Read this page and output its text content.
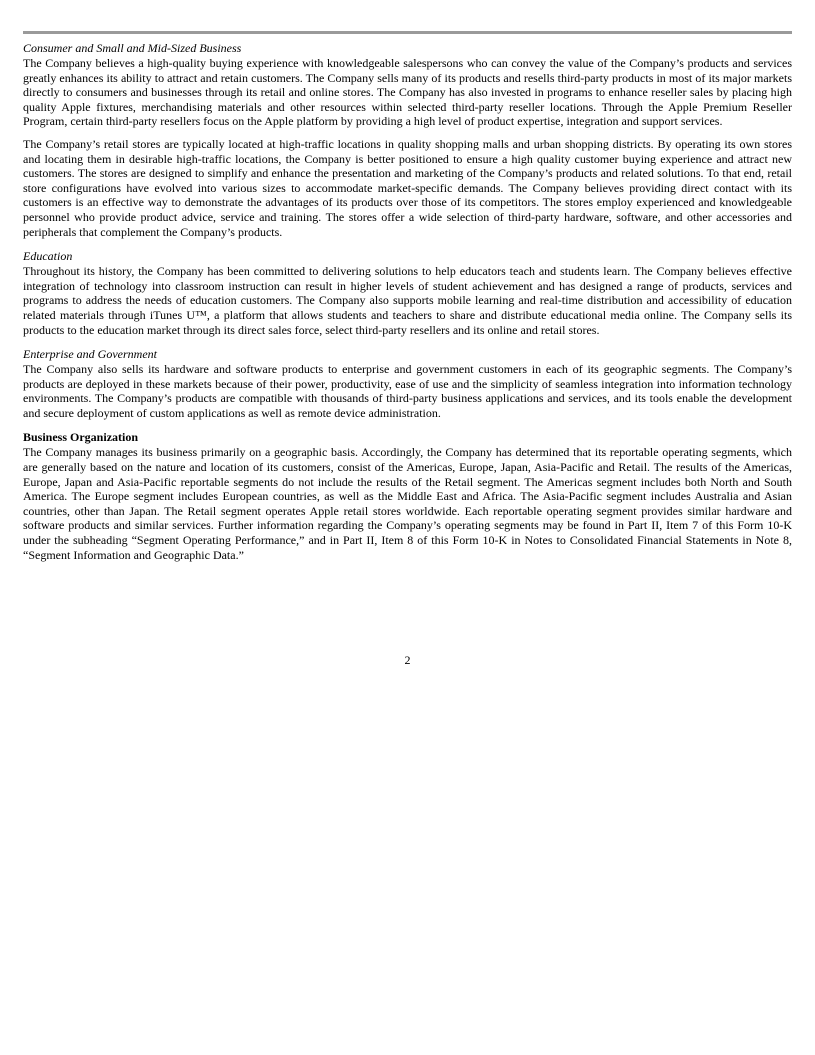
Consumer and Small and Mid-Sized Business

The Company believes a high-quality buying experience with knowledgeable salespersons who can convey the value of the Company’s products and services greatly enhances its ability to attract and retain customers. The Company sells many of its products and resells third-party products in most of its major markets directly to consumers and businesses through its retail and online stores. The Company has also invested in programs to enhance reseller sales by placing high quality Apple fixtures, merchandising materials and other resources within selected third-party reseller locations. Through the Apple Premium Reseller Program, certain third-party resellers focus on the Apple platform by providing a high level of product expertise, integration and support services.

The Company’s retail stores are typically located at high-traffic locations in quality shopping malls and urban shopping districts. By operating its own stores and locating them in desirable high-traffic locations, the Company is better positioned to ensure a high quality customer buying experience and attract new customers. The stores are designed to simplify and enhance the presentation and marketing of the Company’s products and related solutions. To that end, retail store configurations have evolved into various sizes to accommodate market-specific demands. The Company believes providing direct contact with its customers is an effective way to demonstrate the advantages of its products over those of its competitors. The stores employ experienced and knowledgeable personnel who provide product advice, service and training. The stores offer a wide selection of third-party hardware, software, and other accessories and peripherals that complement the Company’s products.

Education

Throughout its history, the Company has been committed to delivering solutions to help educators teach and students learn. The Company believes effective integration of technology into classroom instruction can result in higher levels of student achievement and has designed a range of products, services and programs to address the needs of education customers. The Company also supports mobile learning and real-time distribution and accessibility of education related materials through iTunes U™, a platform that allows students and teachers to share and distribute educational media online. The Company sells its products to the education market through its direct sales force, select third-party resellers and its online and retail stores.

Enterprise and Government

The Company also sells its hardware and software products to enterprise and government customers in each of its geographic segments. The Company’s products are deployed in these markets because of their power, productivity, ease of use and the simplicity of seamless integration into information technology environments. The Company’s products are compatible with thousands of third-party business applications and services, and its tools enable the development and secure deployment of custom applications as well as remote device administration.

Business Organization

The Company manages its business primarily on a geographic basis. Accordingly, the Company has determined that its reportable operating segments, which are generally based on the nature and location of its customers, consist of the Americas, Europe, Japan, Asia-Pacific and Retail. The results of the Americas, Europe, Japan and Asia-Pacific reportable segments do not include the results of the Retail segment. The Americas segment includes both North and South America. The Europe segment includes European countries, as well as the Middle East and Africa. The Asia-Pacific segment includes Australia and Asian countries, other than Japan. The Retail segment operates Apple retail stores worldwide. Each reportable operating segment provides similar hardware and software products and similar services. Further information regarding the Company’s operating segments may be found in Part II, Item 7 of this Form 10-K under the subheading “Segment Operating Performance,” and in Part II, Item 8 of this Form 10-K in Notes to Consolidated Financial Statements in Note 8, “Segment Information and Geographic Data.”

2
